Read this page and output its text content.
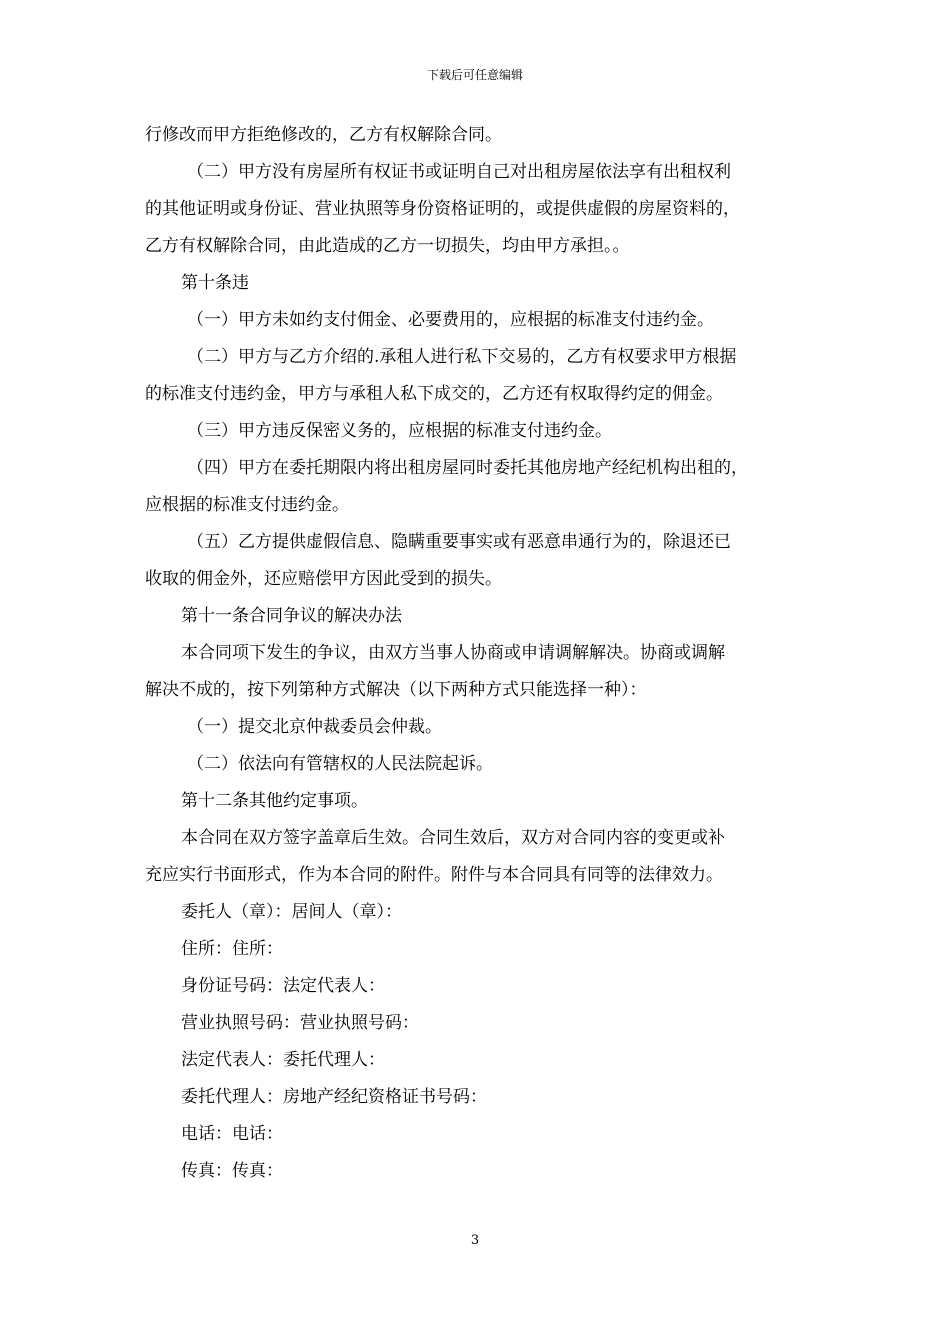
下载后可任意编辑
行修改而甲方拒绝修改的，乙方有权解除合同。
（二）甲方没有房屋所有权证书或证明自己对出租房屋依法享有出租权利
的其他证明或身份证、营业执照等身份资格证明的，或提供虚假的房屋资料的，
乙方有权解除合同，由此造成的乙方一切损失，均由甲方承担。。
第十条违
（一）甲方未如约支付佣金、必要费用的，应根据的标准支付违约金。
（二）甲方与乙方介绍的.承租人进行私下交易的，乙方有权要求甲方根据
的标准支付违约金，甲方与承租人私下成交的，乙方还有权取得约定的佣金。
（三）甲方违反保密义务的，应根据的标准支付违约金。
（四）甲方在委托期限内将出租房屋同时委托其他房地产经纪机构出租的，
应根据的标准支付违约金。
（五）乙方提供虚假信息、隐瞒重要事实或有恶意串通行为的，除退还已
收取的佣金外，还应赔偿甲方因此受到的损失。
第十一条合同争议的解决办法
本合同项下发生的争议，由双方当事人协商或申请调解解决。协商或调解
解决不成的，按下列第种方式解决（以下两种方式只能选择一种）：
（一）提交北京仲裁委员会仲裁。
（二）依法向有管辖权的人民法院起诉。
第十二条其他约定事项。
本合同在双方签字盖章后生效。合同生效后，双方对合同内容的变更或补
充应实行书面形式，作为本合同的附件。附件与本合同具有同等的法律效力。
委托人（章）：居间人（章）：
住所：住所：
身份证号码：法定代表人：
营业执照号码：营业执照号码：
法定代表人：委托代理人：
委托代理人：房地产经纪资格证书号码：
电话：电话：
传真：传真：
3
